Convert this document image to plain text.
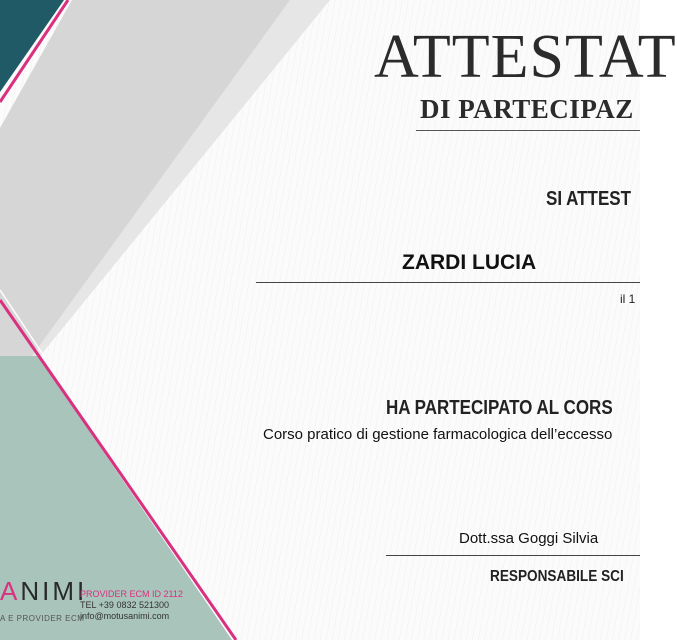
ATTESTAT
DI PARTECIPAZ
SI ATTEST
ZARDI LUCIA
il 1
HA PARTECIPATO AL CORS
Corso pratico di gestione farmacologica dell’eccesso
Dott.ssa Goggi Silvia
RESPONSABILE SCI
ANIMI
A E PROVIDER ECM
PROVIDER ECM ID 2112
TEL +39 0832 521300
info@motusanimi.com
